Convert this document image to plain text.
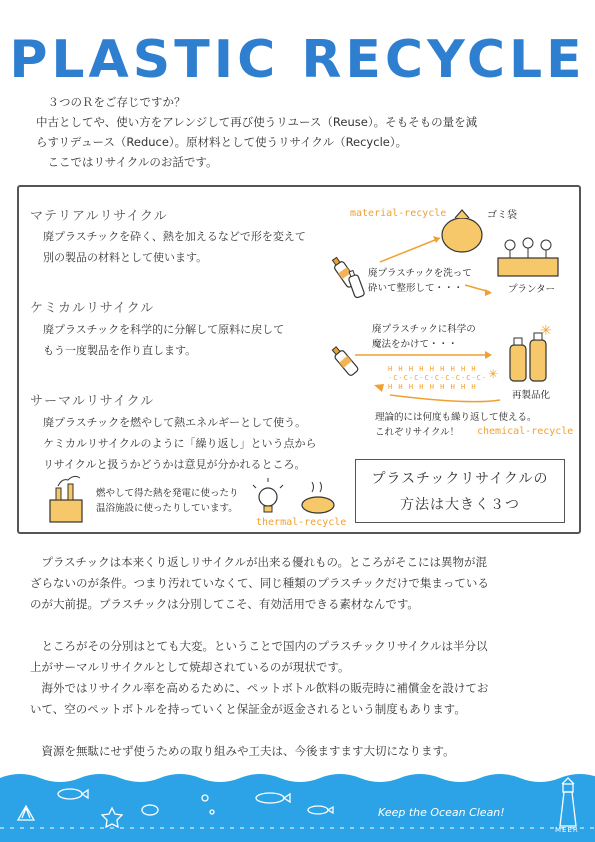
PLASTIC RECYCLE

　３つのＲをご存じですか？

中古としてや、使い方をアレンジして再び使うリユース（Reuse）。そもそもの量を減

らすリデュース（Reduce）。原材料として使うリサイクル（Recycle）。

　ここではリサイクルのお話です。

マテリアルリサイクル

廃プラスチックを砕く、熱を加えるなどで形を変えて

別の製品の材料として使います。

material-recycle	ゴミ袋

廃プラスチックを洗って

砕いて整形して・・・	プランター
ケミカルリサイクル

廃プラスチックを科学的に分解して原料に戻して

もう一度製品を作り直します。

廃プラスチックに科学の

魔法をかけて・・・

H H H H H H H H H

-C-C-C-C-C-C-C-C-C-

H H H H H H H H H

再製品化

理論的には何度も繰り返して使える。

これぞリサイクル！	chemical-recycle
✳
✳
サーマルリサイクル

廃プラスチックを燃やして熱エネルギーとして使う。

ケミカルリサイクルのように「繰り返し」という点から

リサイクルと扱うかどうかは意見が分かれるところ。

燃やして得た熱を発電に使ったり

温浴施設に使ったりしています。

thermal-recycle

プラスチックリサイクルの

方法は大きく３つ

　プラスチックは本来くり返しリサイクルが出来る優れもの。ところがそこには異物が混

ざらないのが条件。つまり汚れていなくて、同じ種類のプラスチックだけで集まっている

のが大前提。プラスチックは分別してこそ、有効活用できる素材なんです。

　ところがその分別はとても大変。ということで国内のプラスチックリサイクルは半分以

上がサーマルリサイクルとして焼却されているのが現状です。

　海外ではリサイクル率を高めるために、ペットボトル飲料の販売時に補償金を設けてお

いて、空のペットボトルを持っていくと保証金が返金されるという制度もあります。

　資源を無駄にせず使うための取り組みや工夫は、今後ますます大切になります。

Keep the Ocean Clean!
MEER
